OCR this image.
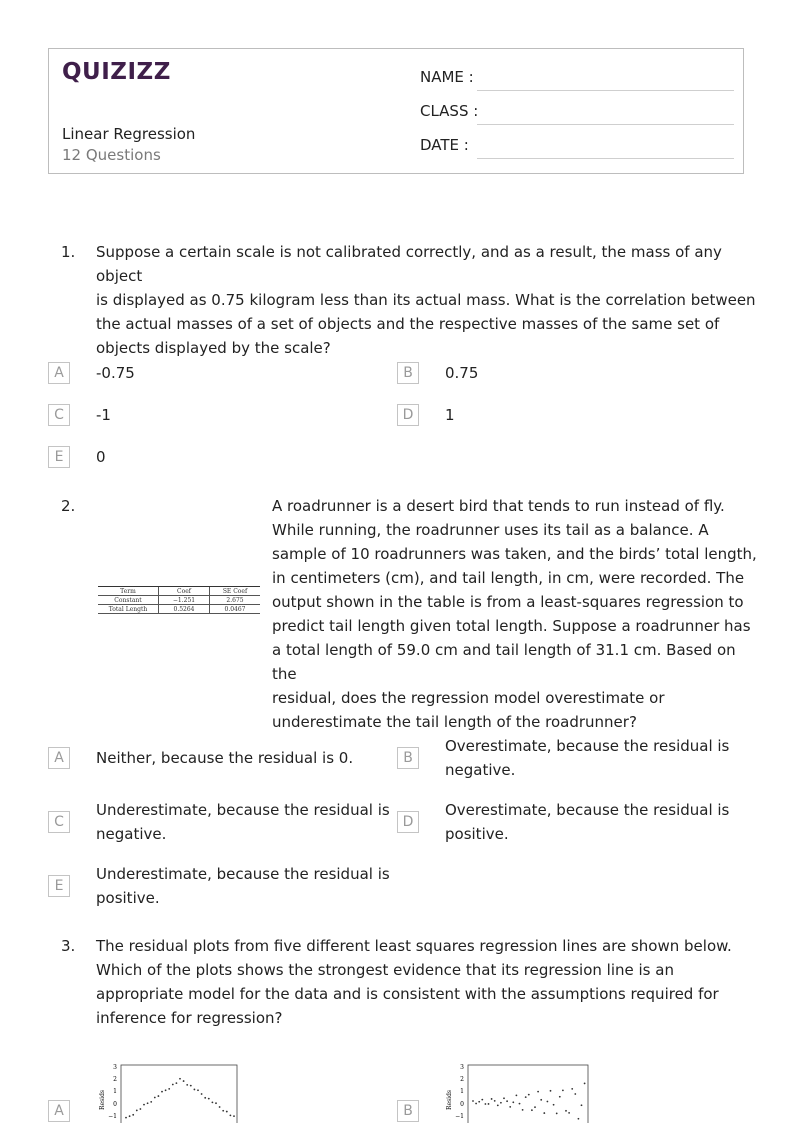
QUIZIZZ
Linear Regression
12 Questions
NAME :
CLASS :
DATE :
1. Suppose a certain scale is not calibrated correctly, and as a result, the mass of any object
is displayed as 0.75 kilogram less than its actual mass. What is the correlation between
the actual masses of a set of objects and the respective masses of the same set of
objects displayed by the scale?
A	-0.75	B	0.75
C	-1	D	1
E	0
2.
Term	Coef	SE Coef
Constant	−1.251	2.675
Total Length	0.5264	0.0467
A roadrunner is a desert bird that tends to run instead of fly.
While running, the roadrunner uses its tail as a balance. A
sample of 10 roadrunners was taken, and the birds’ total length,
in centimeters (cm), and tail length, in cm, were recorded. The
output shown in the table is from a least-squares regression to
predict tail length given total length. Suppose a roadrunner has
a total length of 59.0 cm and tail length of 31.1 cm. Based on the
residual, does the regression model overestimate or
underestimate the tail length of the roadrunner?
A	Neither, because the residual is 0.	B
Overestimate, because the residual is
negative.
C
Underestimate, because the residual is
negative.
D
Overestimate, because the residual is
positive.
E
Underestimate, because the residual is
positive.
3. The residual plots from five different least squares regression lines are shown below.
Which of the plots shows the strongest evidence that its regression line is an
appropriate model for the data and is consistent with the assumptions required for
inference for regression?
A
Resids
3
2
1
0
−1	B
Resids
3
2
1
0
−1
